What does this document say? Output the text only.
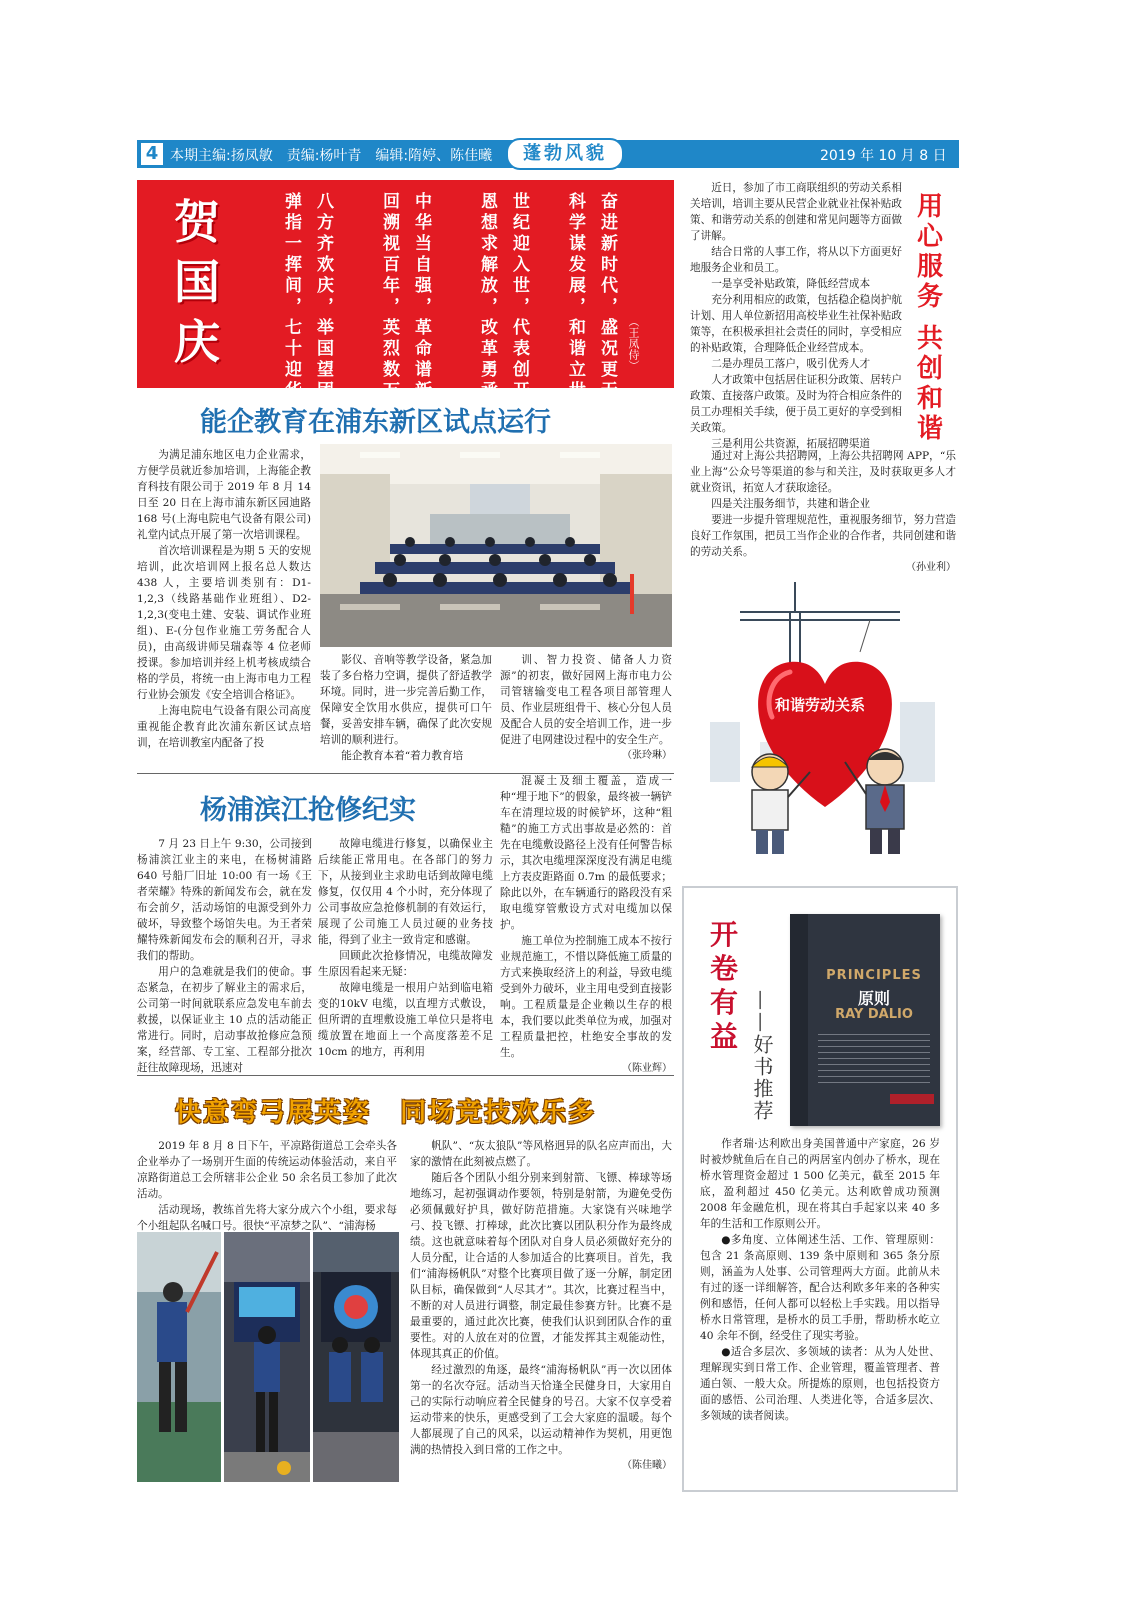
4 本期主编:扬凤敏　责编:杨叶青　编辑:隋婷、陈佳曦	蓬勃风貌	2019 年 10 月 8 日
贺
国
庆	奋进新时代，盛况更无前。
科学谋发展，和谐立世间。
世纪迎入世，代表创开颜。
恩想求解放，改革勇承担。
中华当自强，革命谱新篇。
回溯视百年，英烈数万千。
八方齐欢庆，举国望团圆。
弹指一挥间，七十迎华诞。	（王凤侍）
能企教育在浦东新区试点运行

为满足浦东地区电力企业需求，方便学员就近参加培训，上海能企教育科技有限公司于 2019 年 8 月 14 日至 20 日在上海市浦东新区园迪路 168 号(上海电院电气设备有限公司)礼堂内试点开展了第一次培训课程。

首次培训课程是为期 5 天的安规培训，此次培训网上报名总人数达 438 人，主要培训类别有：D1-1,2,3（线路基础作业班组）、D2-1,2,3(变电土建、安装、调试作业班组)、E-(分包作业施工劳务配合人员)，由高级讲师吴瑞森等 4 位老师授课。参加培训并经上机考核成绩合格的学员，将统一由上海市电力工程行业协会颁发《安全培训合格证》。

上海电院电气设备有限公司高度重视能企教育此次浦东新区试点培训，在培训教室内配备了投

影仪、音响等教学设备，紧急加装了多台格力空调，提供了舒适教学环境。同时，进一步完善后勤工作，保障安全饮用水供应，提供可口午餐，妥善安排车辆，确保了此次安规培训的顺利进行。

能企教育本着“着力教育培

训、智力投资、储备人力资源”的初衷，做好园网上海市电力公司管辖输变电工程各项目部管理人员、作业层班组骨干、核心分包人员及配合人员的安全培训工作，进一步促进了电网建设过程中的安全生产。

（张玲琳）

杨浦滨江抢修纪实

7 月 23 日上午 9:30，公司接到杨浦滨江业主的来电，在杨树浦路 640 号船厂旧址 10:00 有一场《王者荣耀》特殊的新闻发布会，就在发布会前夕，活动场馆的电源受到外力破坏，导致整个场馆失电。为王者荣耀特殊新闻发布会的顺利召开，寻求我们的帮助。

用户的急难就是我们的使命。事态紧急，在初步了解业主的需求后，公司第一时间就联系应急发电车前去救援，以保证业主 10 点的活动能正常进行。同时，启动事故抢修应急预案，经营部、专工室、工程部分批次赶往故障现场，迅速对

故障电缆进行修复，以确保业主后续能正常用电。在各部门的努力下，从接到业主求助电话到故障电缆修复，仅仅用 4 个小时，充分体现了公司事故应急抢修机制的有效运行，展现了公司施工人员过硬的业务技能，得到了业主一致肯定和感谢。

回顾此次抢修情况，电缆故障发生原因看起来无疑：

故障电缆是一根用户站到临电箱变的10kV 电缆，以直埋方式敷设，但所谓的直埋敷设施工单位只是将电缆放置在地面上一个高度落差不足 10cm 的地方，再利用

混凝土及细土覆盖，造成一种“埋于地下”的假象，最终被一辆铲车在清理垃圾的时候铲坏，这种“粗糙”的施工方式出事故是必然的：首先在电缆敷设路径上没有任何警告标示，其次电缆埋深深度没有满足电缆上方表皮距路面 0.7m 的最低要求；除此以外，在车辆通行的路段没有采取电缆穿管敷设方式对电缆加以保护。

施工单位为控制施工成本不按行业规范施工，不惜以降低施工质量的方式来换取经济上的利益，导致电缆受到外力破坏，业主用电受到直接影响。工程质量是企业赖以生存的根本，我们要以此类单位为戒，加强对工程质量把控，杜绝安全事故的发生。

（陈业辉）

快意弯弓展英姿 同场竞技欢乐多

2019 年 8 月 8 日下午，平凉路街道总工会牵头各企业举办了一场别开生面的传统运动体验活动，来自平凉路街道总工会所辖非公企业 50 余名员工参加了此次活动。

活动现场，教练首先将大家分成六个小组，要求每个小组起队名喊口号。很快“平凉梦之队”、“浦海杨

帆队”、“灰太狼队”等风格迥异的队名应声而出，大家的激情在此刻被点燃了。

随后各个团队小组分别来到射箭、飞镖、棒球等场地练习，起初强调动作要领，特别是射箭，为避免受伤必须佩戴好护具，做好防范措施。大家饶有兴味地学弓、投飞镖、打棒球，此次比赛以团队积分作为最终成绩。这也就意味着每个团队对自身人员必须做好充分的人员分配，让合适的人参加适合的比赛项目。首先，我们“浦海杨帆队”对整个比赛项目做了逐一分解，制定团队目标，确保做到“人尽其才”。其次，比赛过程当中，不断的对人员进行调整，制定最佳参赛方针。比赛不是最重要的，通过此次比赛，使我们认识到团队合作的重要性。对的人放在对的位置，才能发挥其主观能动性，体现其真正的价值。

经过激烈的角逐，最终“浦海杨帆队”再一次以团体第一的名次夺冠。活动当天恰逢全民健身日，大家用自己的实际行动响应着全民健身的号召。大家不仅享受着运动带来的快乐，更感受到了工会大家庭的温暖。每个人都展现了自己的风采，以运动精神作为契机，用更饱满的热情投入到日常的工作之中。

（陈佳曦）

用
心
服
务
共
创
和
谐

近日，参加了市工商联组织的劳动关系相关培训，培训主要从民营企业就业社保补贴政策、和谐劳动关系的创建和常见问题等方面做了讲解。

结合日常的人事工作，将从以下方面更好地服务企业和员工。

一是享受补贴政策，降低经营成本

充分利用相应的政策，包括稳企稳岗护航计划、用人单位新招用高校毕业生社保补贴政策等，在积极承担社会责任的同时，享受相应的补贴政策，合理降低企业经营成本。

二是办理员工落户，吸引优秀人才

人才政策中包括居住证积分政策、居转户政策、直接落户政策。及时为符合相应条件的员工办理相关手续，便于员工更好的享受到相关政策。

三是利用公共资源，拓展招聘渠道

通过对上海公共招聘网，上海公共招聘网 APP，“乐业上海”公众号等渠道的参与和关注，及时获取更多人才就业资讯，拓宽人才获取途径。

四是关注服务细节，共建和谐企业

要进一步提升管理规范性，重视服务细节，努力营造良好工作氛围，把员工当作企业的合作者，共同创建和谐的劳动关系。

（孙业利）

和谐劳动关系
开卷
有益 ——好书推荐
PRINCIPLES
原则
RAY DALIO

作者瑞·达利欧出身美国普通中产家庭，26 岁时被炒鱿鱼后在自己的两居室内创办了桥水，现在桥水管理资金超过 1 500 亿美元，截至 2015 年底，盈利超过 450 亿美元。达利欧曾成功预测 2008 年金融危机，现在将其白手起家以来 40 多年的生活和工作原则公开。

●多角度、立体阐述生活、工作、管理原则：包含 21 条高原则、139 条中原则和 365 条分原则，涵盖为人处事、公司管理两大方面。此前从未有过的逐一详细解答，配合达利欧多年来的各种实例和感悟，任何人都可以轻松上手实践。用以指导桥水日常管理，是桥水的员工手册，帮助桥水屹立 40 余年不倒，经受住了现实考验。

●适合多层次、多领域的读者：从为人处世、理解现实到日常工作、企业管理，覆盖管理者、普通白领、一般大众。所提炼的原则，也包括投资方面的感悟、公司治理、人类进化等，合适多层次、多领域的读者阅读。
